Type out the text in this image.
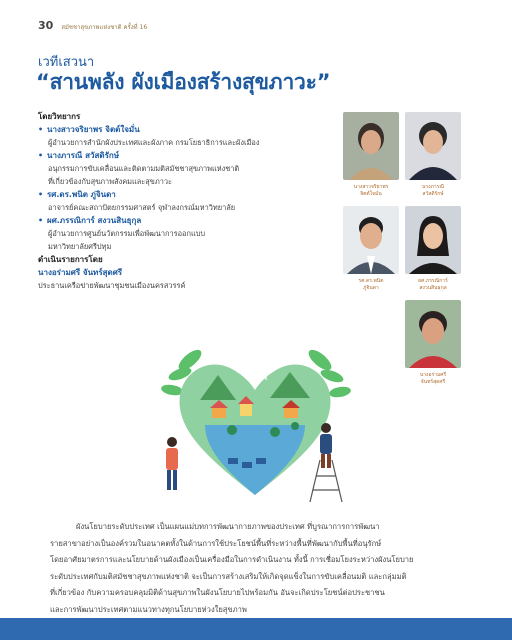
30 สมัชชาสุขภาพแห่งชาติ ครั้งที่ 16
เวทีเสวนา
“สานพลัง ผังเมืองสร้างสุขภาวะ”
โดยวิทยากร
• นางสาวจริยาพร จิตต์ใจมั่น
ผู้อำนวยการสำนักผังประเทศและผังภาค กรมโยธาธิการและผังเมือง
• นางภารณี สวัสดิรักษ์
อนุกรรมการขับเคลื่อนและติดตามมติสมัชชาสุขภาพแห่งชาติ
ที่เกี่ยวข้องกับสุขภาพสังคมและสุขภาวะ
• รศ.ดร.พนิต ภู่จินดา
อาจารย์คณะสถาปัตยกรรมศาสตร์ จุฬาลงกรณ์มหาวิทยาลัย
• ผศ.ภรรณิการ์ สงวนสินธุกุล
ผู้อำนวยการศูนย์นวัตกรรมเพื่อพัฒนาการออกแบบ
มหาวิทยาลัยศรีปทุม
ดำเนินรายการโดย
นางอร่ามศรี จันทร์สุดศรี
ประธานเครือข่ายพัฒนาชุมชนเมืองนครสวรรค์
นางสาวจริยาพร
จิตต์ใจมั่น
นางภารณี
สวัสดิรักษ์
รศ.ดร.พนิต
ภู่จินดา
ผศ.ภรรณิการ์
สงวนสินธุกุล
นางอร่ามศรี
จันทร์สุดศรี
ผังนโยบายระดับประเทศ เป็นแผนแม่บทการพัฒนากายภาพของประเทศ ที่บูรณาการการพัฒนา
รายสาขาอย่างเป็นองค์รวมในอนาคตทั้งในด้านการใช้ประโยชน์พื้นที่ระหว่างพื้นที่พัฒนากับพื้นที่อนุรักษ์
โดยอาศัยมาตรการและนโยบายด้านผังเมืองเป็นเครื่องมือในการดำเนินงาน ทั้งนี้ การเชื่อมโยงระหว่างผังนโยบาย
ระดับประเทศกับมติสมัชชาสุขภาพแห่งชาติ จะเป็นการสร้างเสริมให้เกิดจุดแข็งในการขับเคลื่อนมติ และกลุ่มมติ
ที่เกี่ยวข้อง กับความครอบคลุมมิติด้านสุขภาพในผังนโยบายไปพร้อมกัน อันจะเกิดประโยชน์ต่อประชาชน
และการพัฒนาประเทศตามแนวทางทุกนโยบายห่วงใยสุขภาพ
